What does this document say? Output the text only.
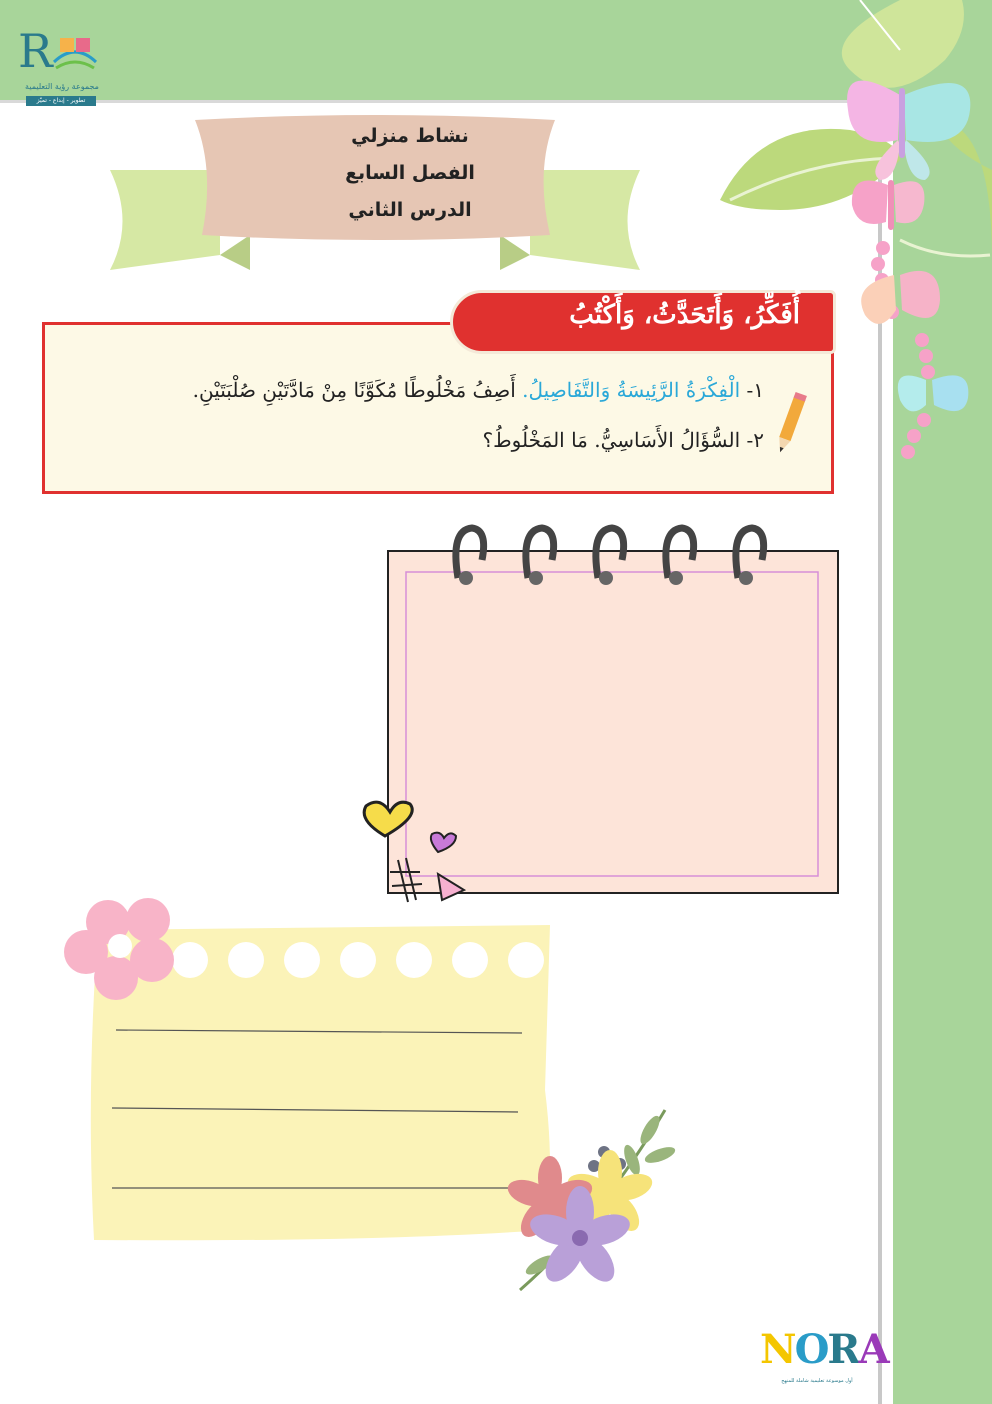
R
مجموعة رؤية التعليمية
تطوير - إبداع - تميّز
نشاط منزلي
الفصل السابع
الدرس الثاني
أُفَكِّرُ، وَأَتَحَدَّثُ، وَأَكْتُبُ
١- الْفِكْرَةُ الرَّئِيسَةُ وَالتَّفَاصِيلُ. أَصِفُ مَخْلُوطًا مُكَوَّنًا مِنْ مَادَّتَيْنِ صُلْبَتَيْنِ.
٢- السُّؤَالُ الأَسَاسِيُّ. مَا المَخْلُوطُ؟
NORA
أول موسوعة تعليمية شاملة للمنهج
